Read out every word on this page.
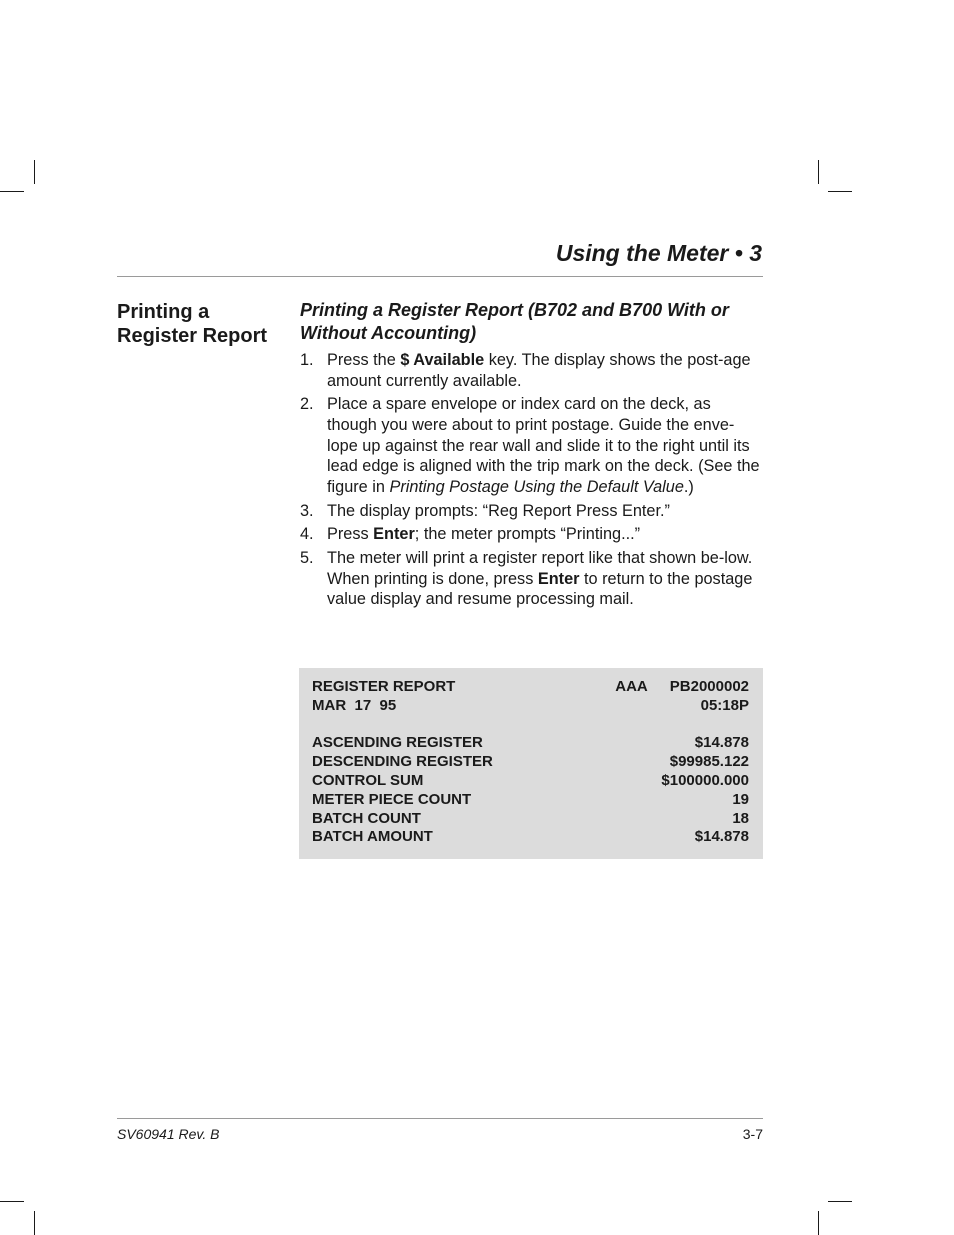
Using the Meter • 3
Printing a Register Report
Printing a Register Report (B702 and B700 With or Without Accounting)
1. Press the $ Available key. The display shows the post-age amount currently available.
2. Place a spare envelope or index card on the deck, as though you were about to print postage. Guide the enve-lope up against the rear wall and slide it to the right until its lead edge is aligned with the trip mark on the deck. (See the figure in Printing Postage Using the Default Value.)
3. The display prompts: “Reg Report Press Enter.”
4. Press Enter; the meter prompts “Printing...”
5. The meter will print a register report like that shown be-low. When printing is done, press Enter to return to the postage value display and resume processing mail.
REGISTER REPORT	AAA PB2000002
MAR  17  95	05:18P
ASCENDING REGISTER	$14.878
DESCENDING REGISTER	$99985.122
CONTROL SUM	$100000.000
METER PIECE COUNT	19
BATCH COUNT	18
BATCH AMOUNT	$14.878
SV60941 Rev. B	3-7
